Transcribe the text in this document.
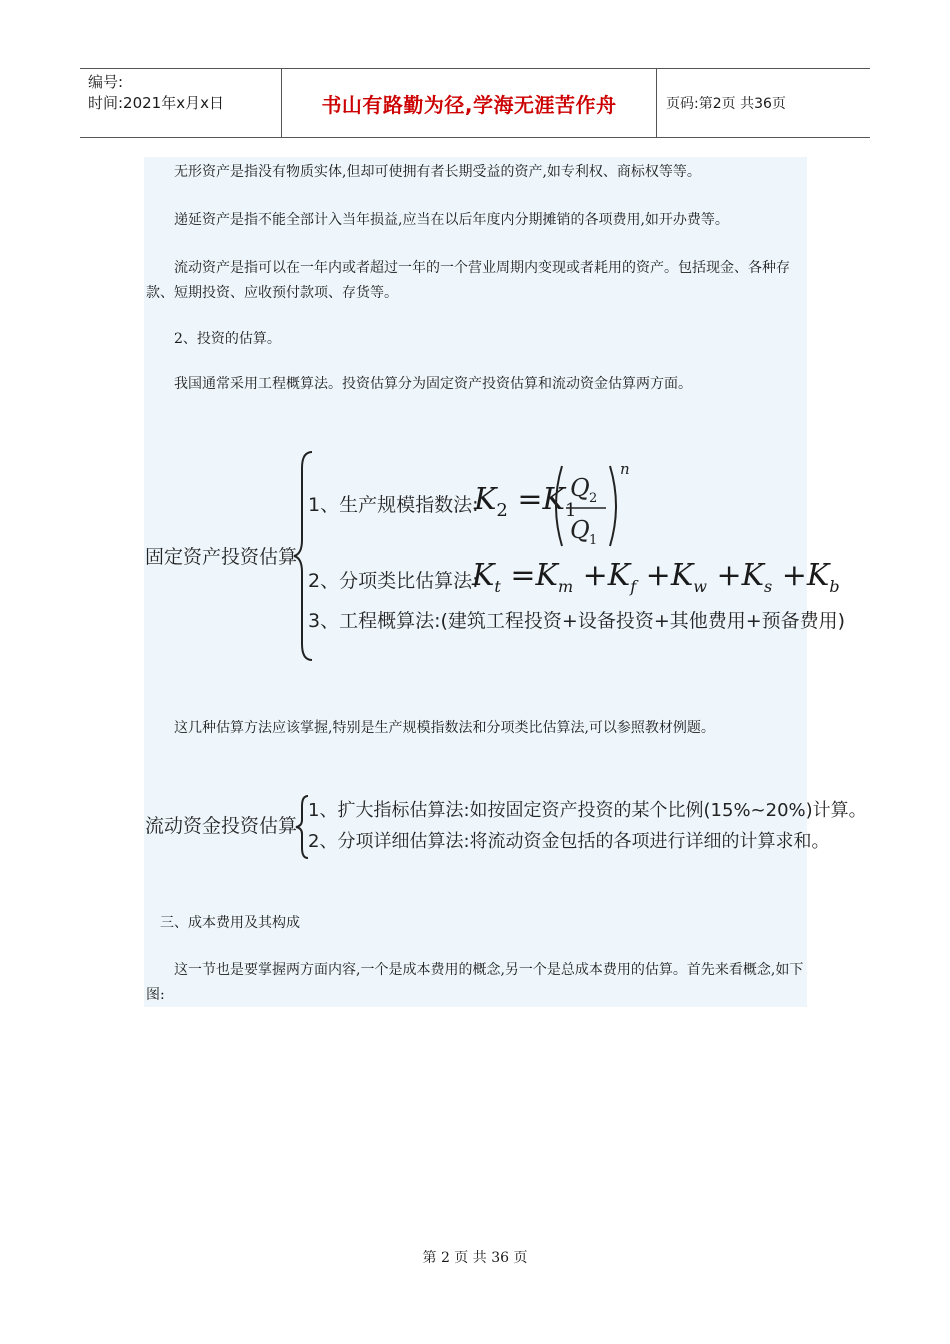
编号:
时间:2021年x月x日	书山有路勤为径,学海无涯苦作舟	页码:第2页 共36页
无形资产是指没有物质实体,但却可使拥有者长期受益的资产,如专利权、商标权等等。
递延资产是指不能全部计入当年损益,应当在以后年度内分期摊销的各项费用,如开办费等。
流动资产是指可以在一年内或者超过一年的一个营业周期内变现或者耗用的资产。包括现金、各种存款、短期投资、应收预付款项、存货等。
2、投资的估算。
我国通常采用工程概算法。投资估算分为固定资产投资估算和流动资金估算两方面。
固定资产投资估算
1、生产规模指数法:
$K_2 =K_1$
Q 2
Q 1
n
2、分项类比估算法:
$K_t =K_m +K_f +K_w +K_s +K_b$
3、工程概算法:(建筑工程投资+设备投资+其他费用+预备费用)
这几种估算方法应该掌握,特别是生产规模指数法和分项类比估算法,可以参照教材例题。
流动资金投资估算
1、扩大指标估算法:如按固定资产投资的某个比例(15%~20%)计算。
2、分项详细估算法:将流动资金包括的各项进行详细的计算求和。
三、成本费用及其构成
这一节也是要掌握两方面内容,一个是成本费用的概念,另一个是总成本费用的估算。首先来看概念,如下图:
第 2 页 共 36 页
